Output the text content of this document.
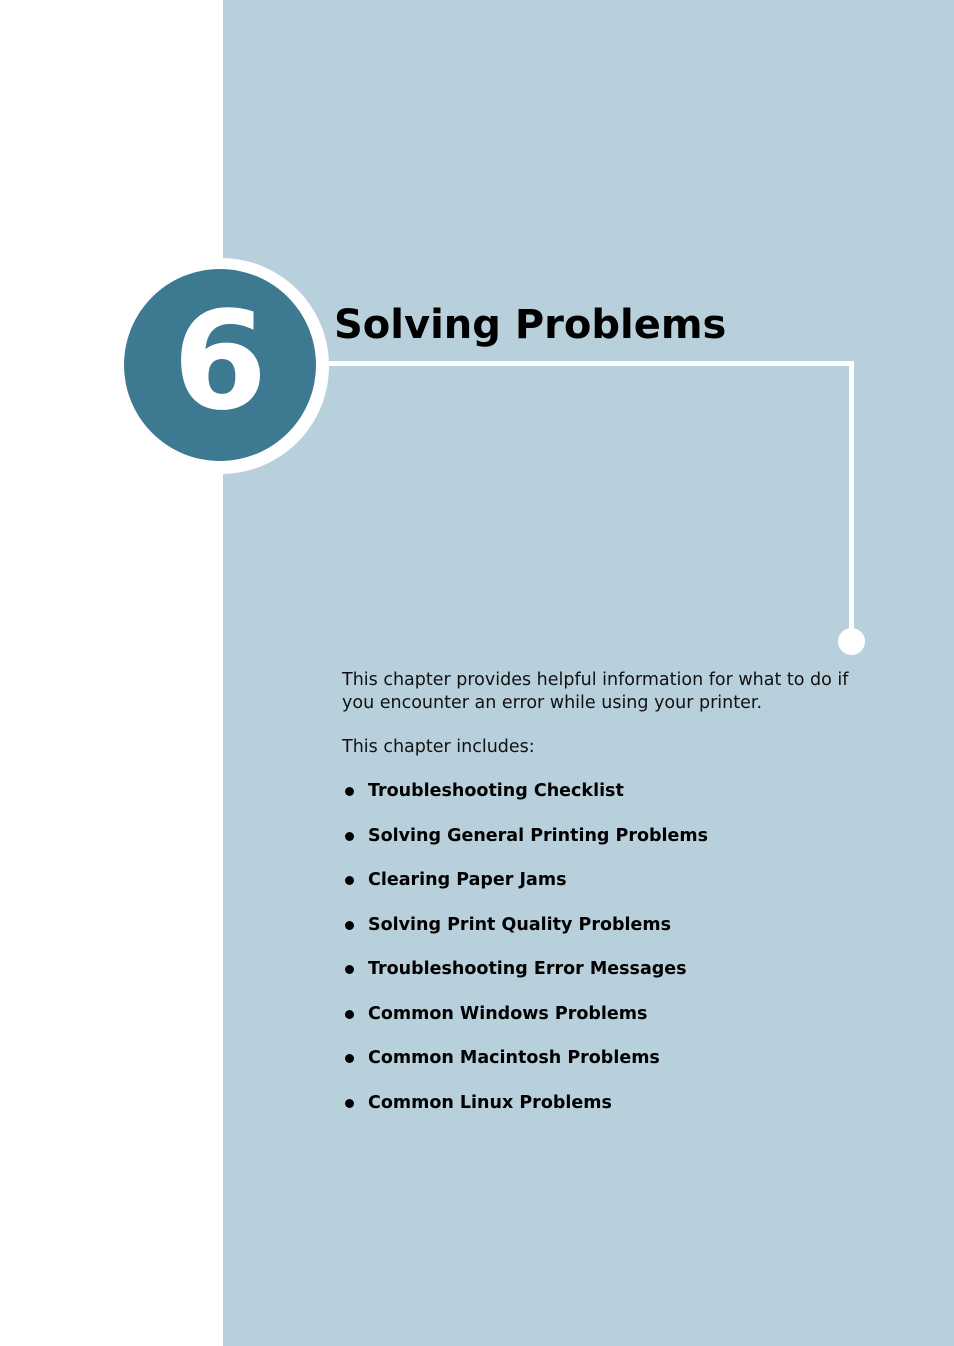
6 Solving Problems

This chapter provides helpful information for what to do if you encounter an error while using your printer.

This chapter includes:

Troubleshooting Checklist
Solving General Printing Problems
Clearing Paper Jams
Solving Print Quality Problems
Troubleshooting Error Messages
Common Windows Problems
Common Macintosh Problems
Common Linux Problems
